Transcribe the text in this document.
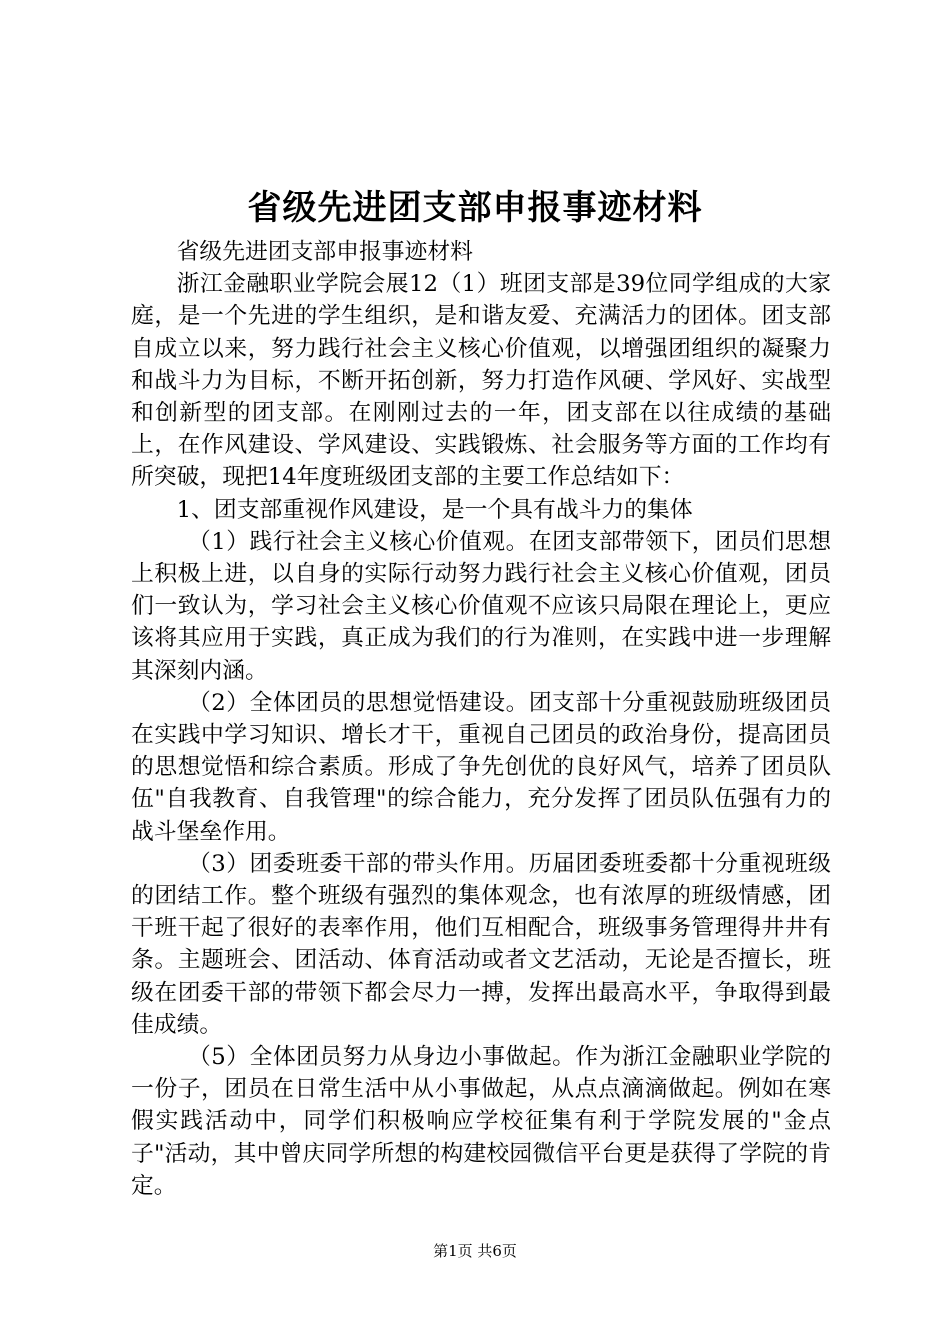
省级先进团支部申报事迹材料

省级先进团支部申报事迹材料

浙江金融职业学院会展12（1）班团支部是39位同学组成的大家庭，是一个先进的学生组织，是和谐友爱、充满活力的团体。团支部自成立以来，努力践行社会主义核心价值观，以增强团组织的凝聚力和战斗力为目标，不断开拓创新，努力打造作风硬、学风好、实战型和创新型的团支部。在刚刚过去的一年，团支部在以往成绩的基础上，在作风建设、学风建设、实践锻炼、社会服务等方面的工作均有所突破，现把14年度班级团支部的主要工作总结如下：

1、团支部重视作风建设，是一个具有战斗力的集体

（1）践行社会主义核心价值观。在团支部带领下，团员们思想上积极上进，以自身的实际行动努力践行社会主义核心价值观，团员们一致认为，学习社会主义核心价值观不应该只局限在理论上，更应该将其应用于实践，真正成为我们的行为准则，在实践中进一步理解其深刻内涵。

（2）全体团员的思想觉悟建设。团支部十分重视鼓励班级团员在实践中学习知识、增长才干，重视自己团员的政治身份，提高团员的思想觉悟和综合素质。形成了争先创优的良好风气，培养了团员队伍"自我教育、自我管理"的综合能力，充分发挥了团员队伍强有力的战斗堡垒作用。

（3）团委班委干部的带头作用。历届团委班委都十分重视班级的团结工作。整个班级有强烈的集体观念，也有浓厚的班级情感，团干班干起了很好的表率作用，他们互相配合，班级事务管理得井井有条。主题班会、团活动、体育活动或者文艺活动，无论是否擅长，班级在团委干部的带领下都会尽力一搏，发挥出最高水平，争取得到最佳成绩。

（5）全体团员努力从身边小事做起。作为浙江金融职业学院的一份子，团员在日常生活中从小事做起，从点点滴滴做起。例如在寒假实践活动中，同学们积极响应学校征集有利于学院发展的"金点子"活动，其中曾庆同学所想的构建校园微信平台更是获得了学院的肯定。

第1页 共6页
